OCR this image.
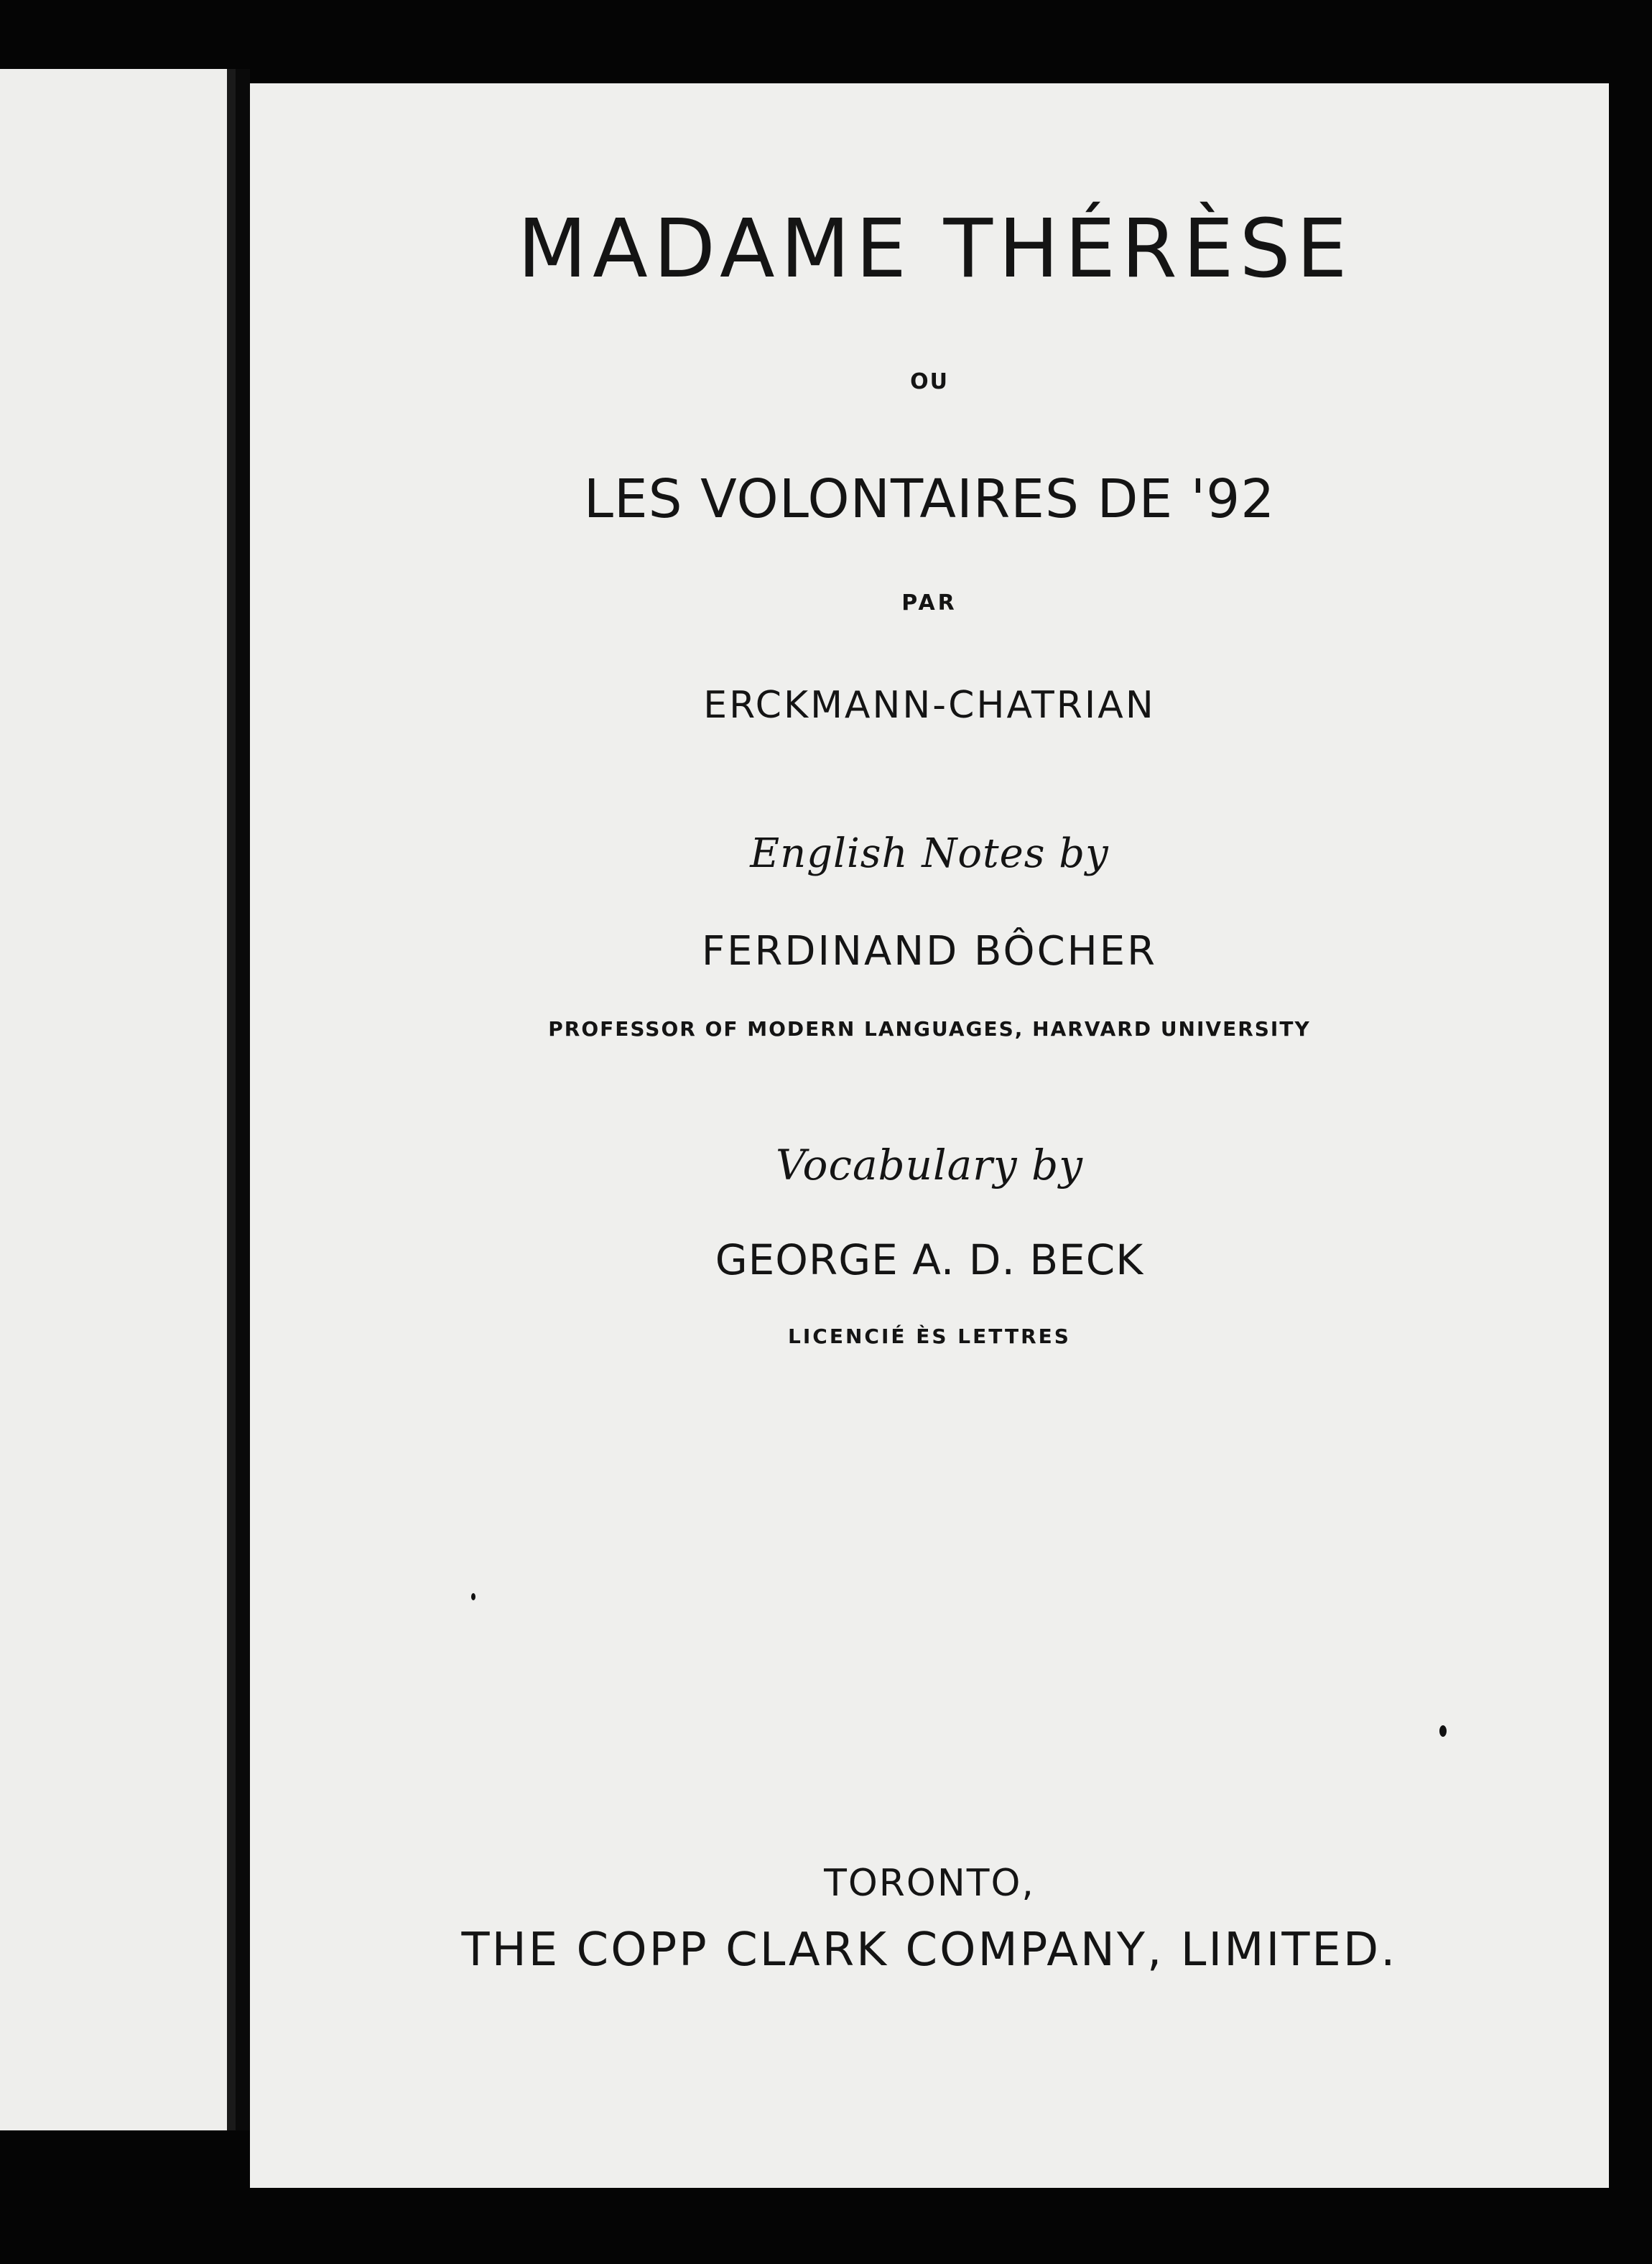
MADAME THÉRÈSE
OU
LES VOLONTAIRES DE '92
PAR
ERCKMANN-CHATRIAN
English Notes by
FERDINAND BÔCHER
PROFESSOR OF MODERN LANGUAGES, HARVARD UNIVERSITY
Vocabulary by
GEORGE A. D. BECK
LICENCIÉ ÈS LETTRES
TORONTO,
THE COPP CLARK COMPANY, LIMITED.
